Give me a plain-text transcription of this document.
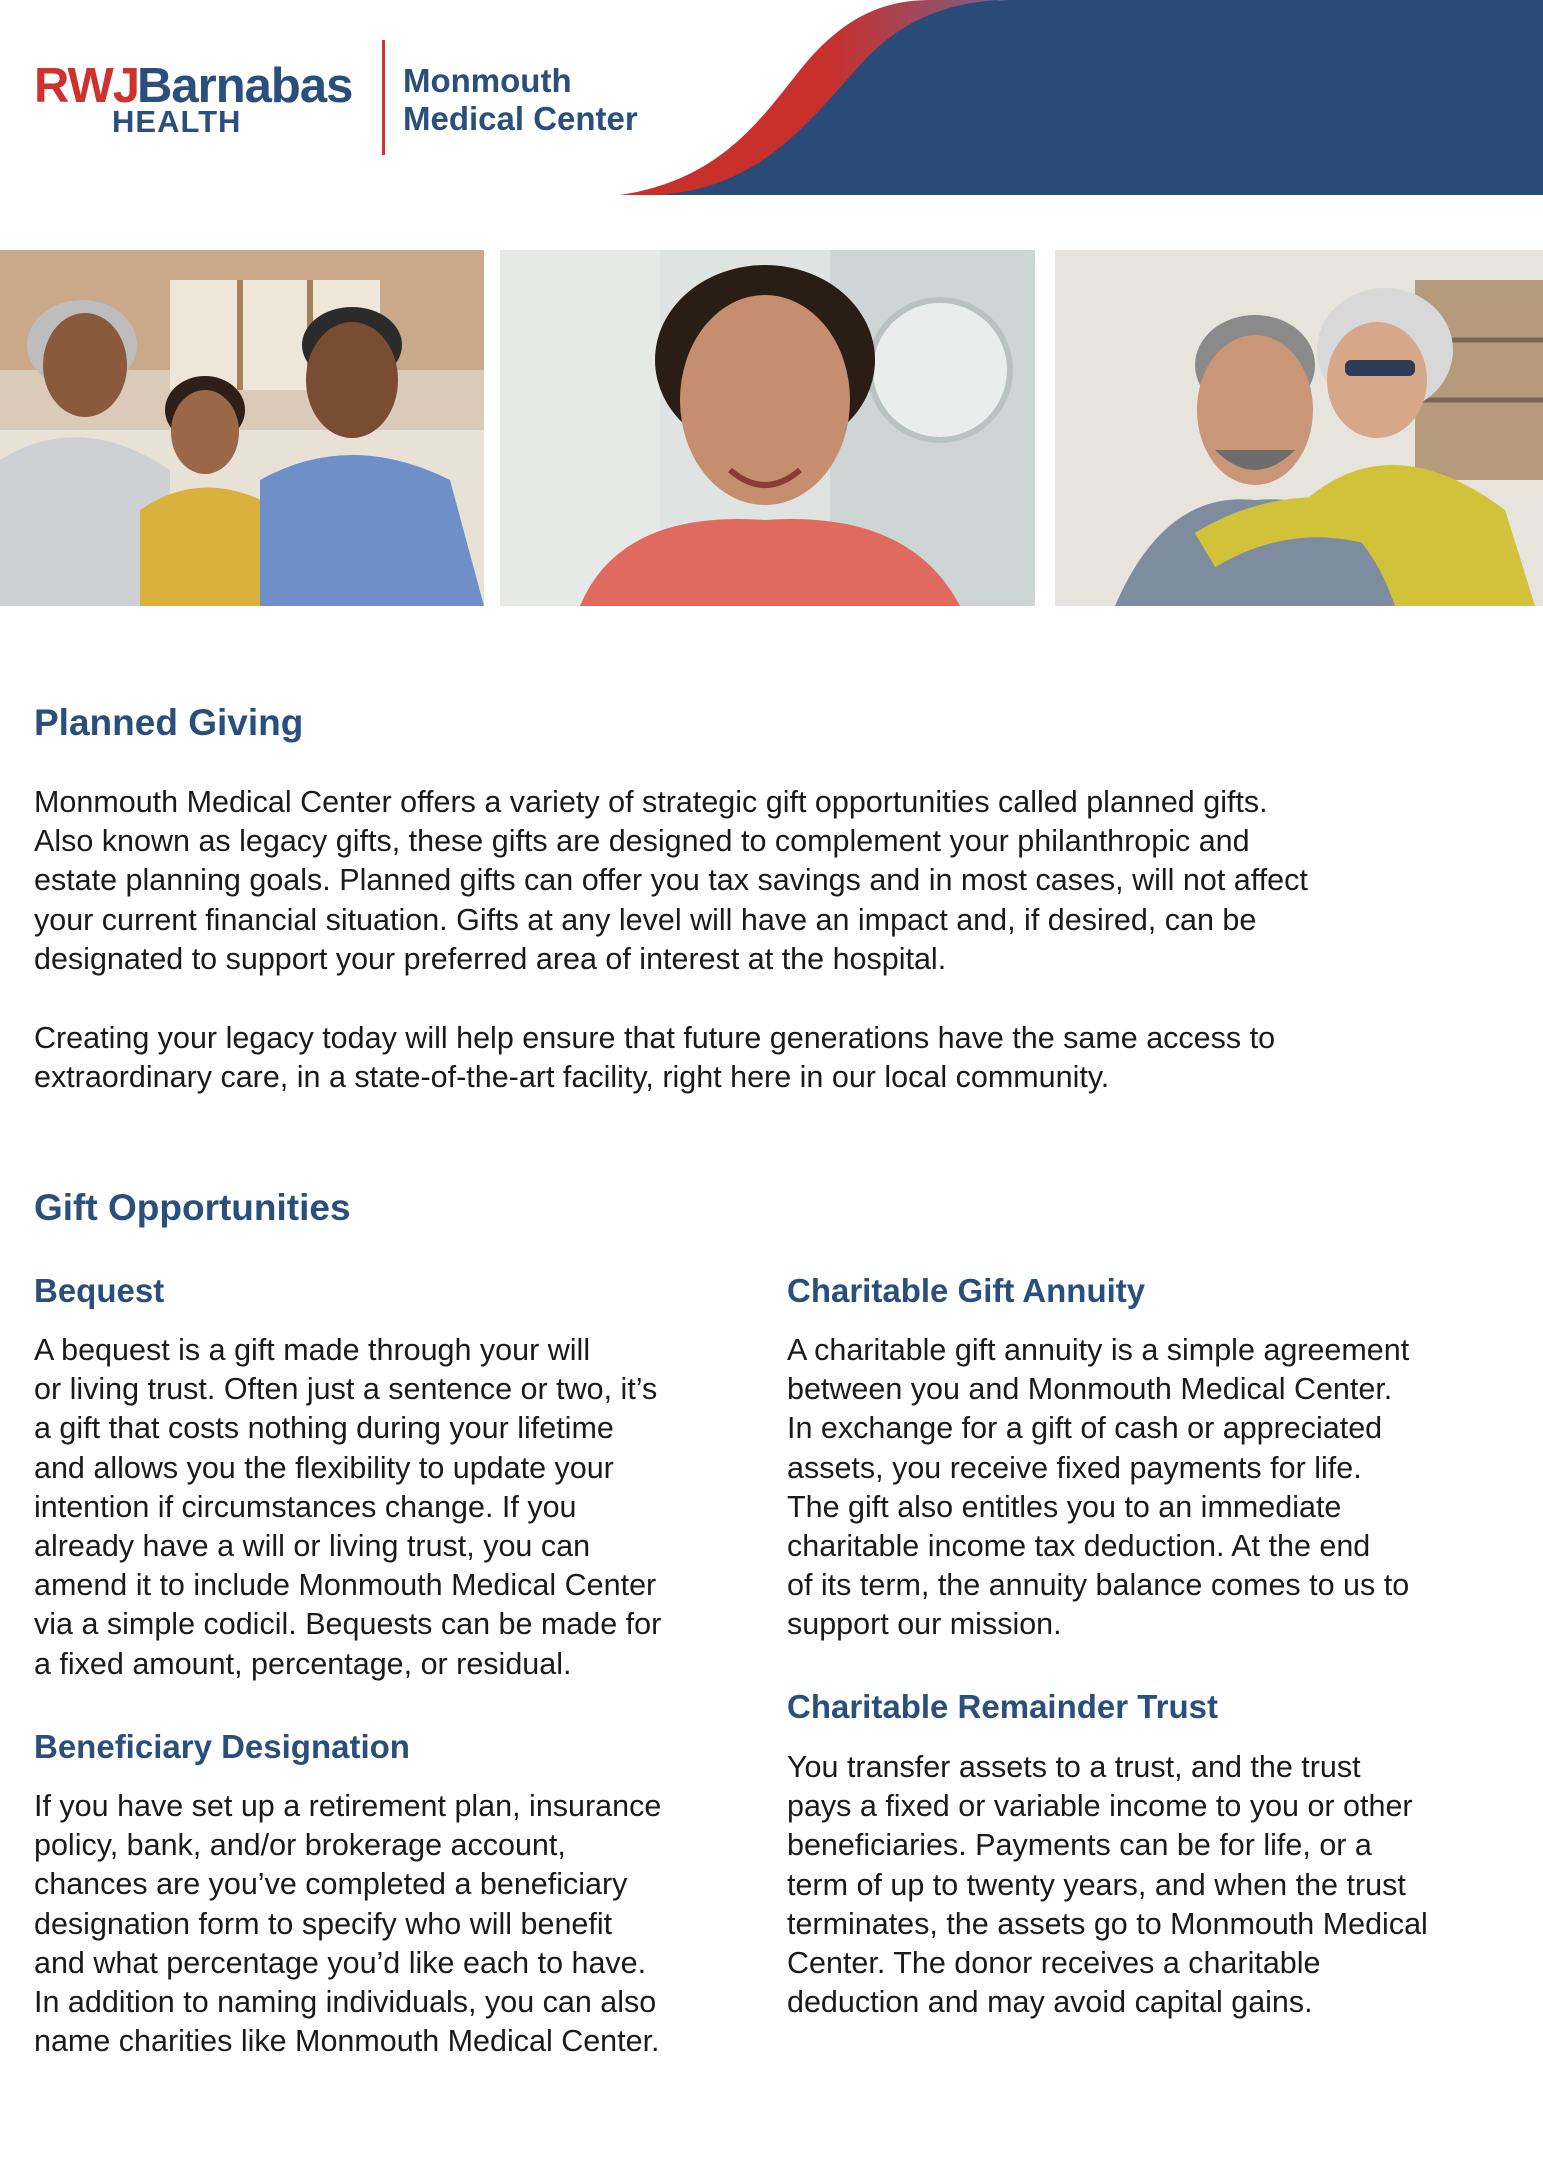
RWJ
Barnabas
HEALTH
Monmouth
Medical Center
Planned Giving

Monmouth Medical Center offers a variety of strategic gift opportunities called planned gifts.
Also known as legacy gifts, these gifts are designed to complement your philanthropic and
estate planning goals. Planned gifts can offer you tax savings and in most cases, will not affect
your current financial situation. Gifts at any level will have an impact and, if desired, can be
designated to support your preferred area of interest at the hospital.

Creating your legacy today will help ensure that future generations have the same access to
extraordinary care, in a state-of-the-art facility, right here in our local community.

Gift Opportunities
Bequest

A bequest is a gift made through your will
or living trust. Often just a sentence or two, it’s
a gift that costs nothing during your lifetime
and allows you the flexibility to update your
intention if circumstances change. If you
already have a will or living trust, you can
amend it to include Monmouth Medical Center
via a simple codicil. Bequests can be made for
a fixed amount, percentage, or residual.

Beneficiary Designation

If you have set up a retirement plan, insurance
policy, bank, and/or brokerage account,
chances are you’ve completed a beneficiary
designation form to specify who will benefit
and what percentage you’d like each to have.
In addition to naming individuals, you can also
name charities like Monmouth Medical Center.

Charitable Gift Annuity

A charitable gift annuity is a simple agreement
between you and Monmouth Medical Center.
In exchange for a gift of cash or appreciated
assets, you receive fixed payments for life.
The gift also entitles you to an immediate
charitable income tax deduction. At the end
of its term, the annuity balance comes to us to
support our mission.

Charitable Remainder Trust

You transfer assets to a trust, and the trust
pays a fixed or variable income to you or other
beneficiaries. Payments can be for life, or a
term of up to twenty years, and when the trust
terminates, the assets go to Monmouth Medical
Center. The donor receives a charitable
deduction and may avoid capital gains.
